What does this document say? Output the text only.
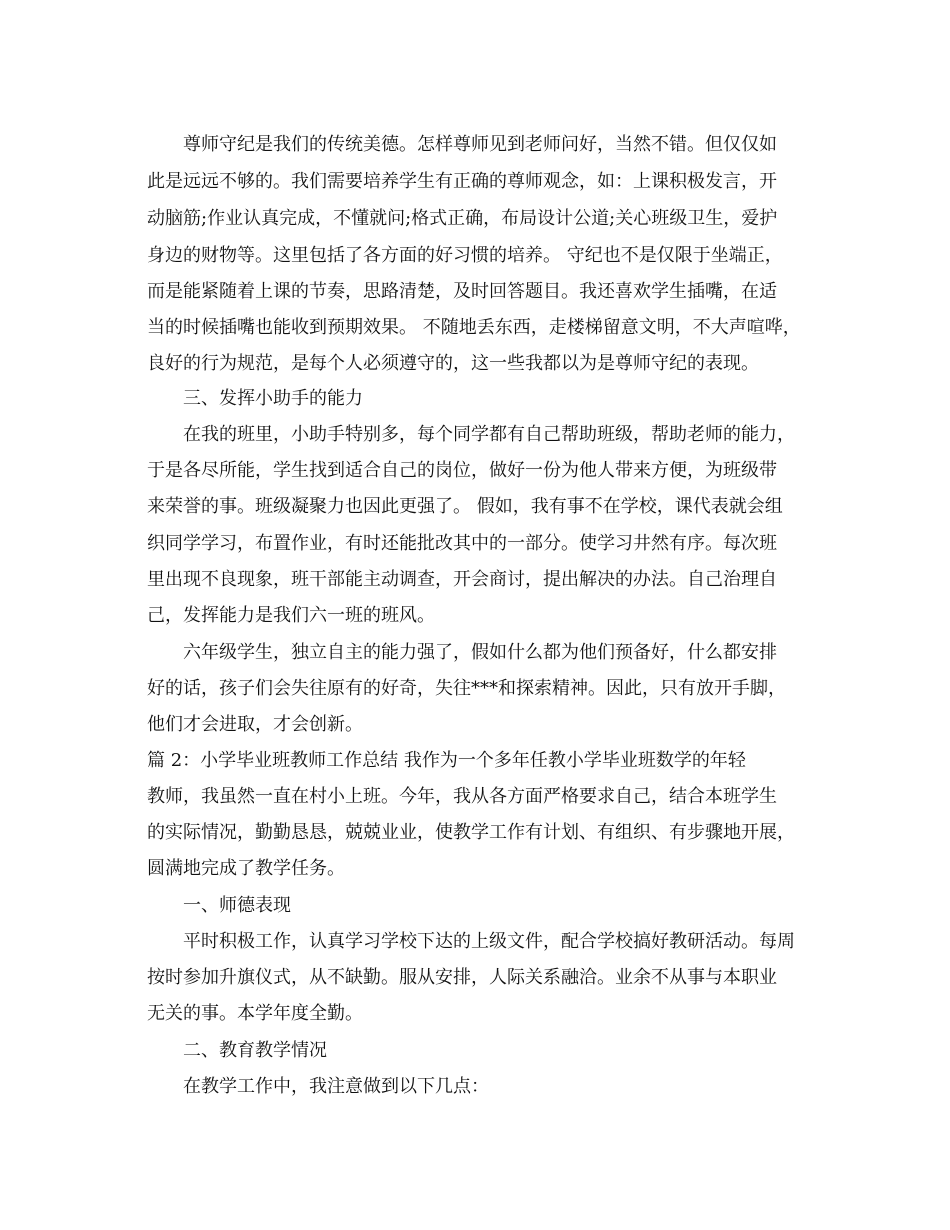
尊师守纪是我们的传统美德。怎样尊师见到老师问好，当然不错。但仅仅如
此是远远不够的。我们需要培养学生有正确的尊师观念，如：上课积极发言，开
动脑筋;作业认真完成，不懂就问;格式正确，布局设计公道;关心班级卫生，爱护
身边的财物等。这里包括了各方面的好习惯的培养。 守纪也不是仅限于坐端正，
而是能紧随着上课的节奏，思路清楚，及时回答题目。我还喜欢学生插嘴，在适
当的时候插嘴也能收到预期效果。 不随地丢东西，走楼梯留意文明，不大声喧哗，
良好的行为规范，是每个人必须遵守的，这一些我都以为是尊师守纪的表现。
三、发挥小助手的能力
在我的班里，小助手特别多，每个同学都有自己帮助班级，帮助老师的能力，
于是各尽所能，学生找到适合自己的岗位，做好一份为他人带来方便，为班级带
来荣誉的事。班级凝聚力也因此更强了。 假如，我有事不在学校，课代表就会组
织同学学习，布置作业，有时还能批改其中的一部分。使学习井然有序。每次班
里出现不良现象，班干部能主动调查，开会商讨，提出解决的办法。自己治理自
己，发挥能力是我们六一班的班风。
六年级学生，独立自主的能力强了，假如什么都为他们预备好，什么都安排
好的话，孩子们会失往原有的好奇，失往***和探索精神。因此，只有放开手脚，
他们才会进取，才会创新。
篇 2：小学毕业班教师工作总结 我作为一个多年任教小学毕业班数学的年轻
教师，我虽然一直在村小上班。今年，我从各方面严格要求自己，结合本班学生
的实际情况，勤勤恳恳，兢兢业业，使教学工作有计划、有组织、有步骤地开展，
圆满地完成了教学任务。
一、师德表现
平时积极工作，认真学习学校下达的上级文件，配合学校搞好教研活动。每周
按时参加升旗仪式，从不缺勤。服从安排，人际关系融洽。业余不从事与本职业
无关的事。本学年度全勤。
二、教育教学情况
在教学工作中，我注意做到以下几点：
